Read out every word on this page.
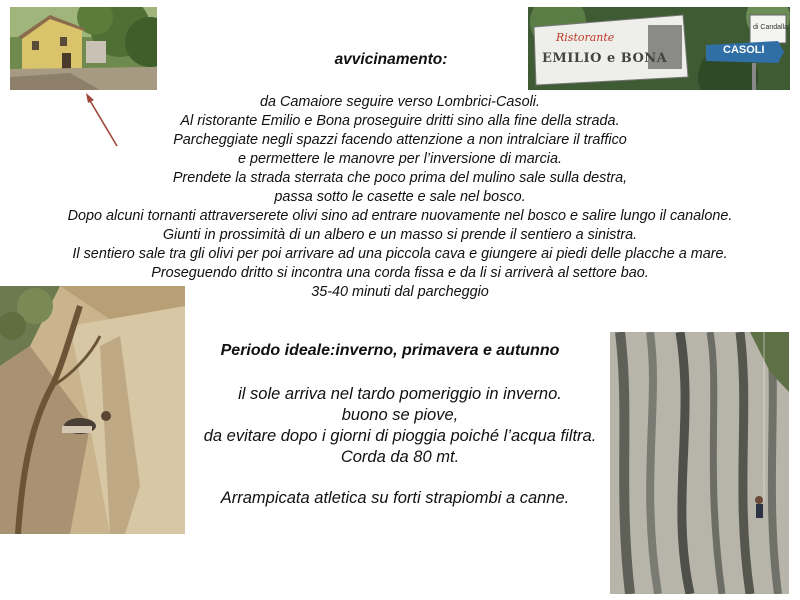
Ristorante
EMILIO e BONA
CASOLI
di Candalla
avvicinamento:
da Camaiore seguire verso Lombrici-Casoli.
Al ristorante Emilio e Bona proseguire dritti sino alla fine della strada.
Parcheggiate negli spazzi facendo attenzione a non intralciare il traffico
e permettere le manovre per l’inversione di marcia.
Prendete la strada sterrata che poco prima del mulino sale sulla destra,
passa sotto le casette e sale nel bosco.
Dopo alcuni tornanti attraverserete olivi sino ad entrare nuovamente nel bosco e salire lungo il canalone.
Giunti in prossimità di un albero e un masso si prende il sentiero a sinistra.
Il sentiero sale tra gli olivi per poi arrivare ad una piccola cava e giungere ai piedi delle placche a mare.
Proseguendo dritto si incontra una corda fissa e da li si arriverà al settore bao.
35-40 minuti dal parcheggio
Periodo ideale:inverno, primavera e autunno
il sole arriva nel tardo pomeriggio in inverno.
buono se piove,
da evitare dopo i giorni di pioggia poiché l’acqua filtra.
Corda da 80 mt.
Arrampicata atletica su forti strapiombi a canne.
